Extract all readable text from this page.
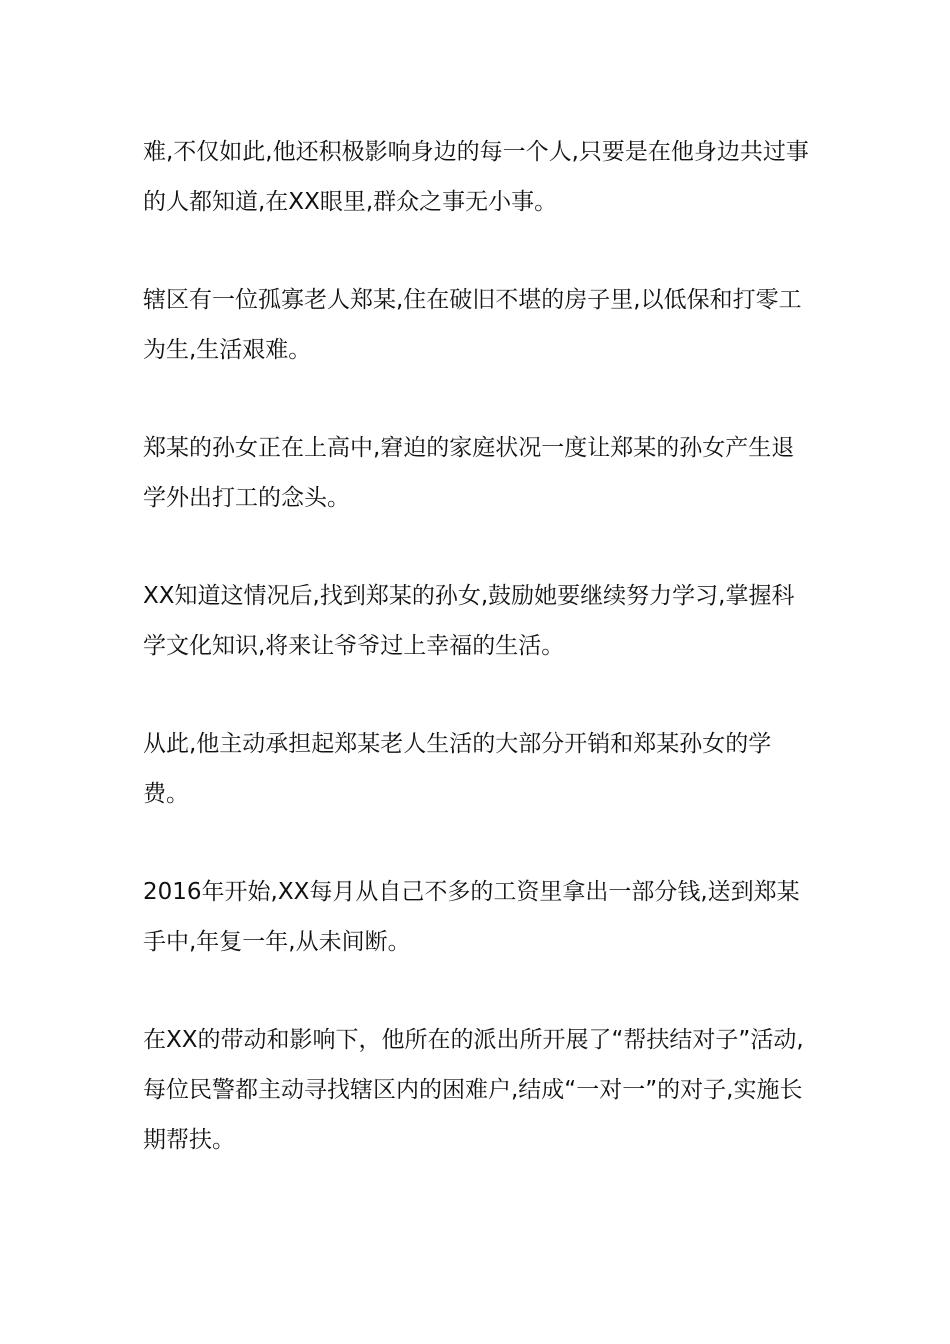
难,不仅如此,他还积极影响身边的每一个人,只要是在他身边共过事的人都知道,在XX眼里,群众之事无小事。

辖区有一位孤寡老人郑某,住在破旧不堪的房子里,以低保和打零工为生,生活艰难。

郑某的孙女正在上高中,窘迫的家庭状况一度让郑某的孙女产生退学外出打工的念头。

XX知道这情况后,找到郑某的孙女,鼓励她要继续努力学习,掌握科学文化知识,将来让爷爷过上幸福的生活。

从此,他主动承担起郑某老人生活的大部分开销和郑某孙女的学费。

2016年开始,XX每月从自己不多的工资里拿出一部分钱,送到郑某手中,年复一年,从未间断。

在XX的带动和影响下，他所在的派出所开展了“帮扶结对子”活动,每位民警都主动寻找辖区内的困难户,结成“一对一”的对子,实施长期帮扶。
